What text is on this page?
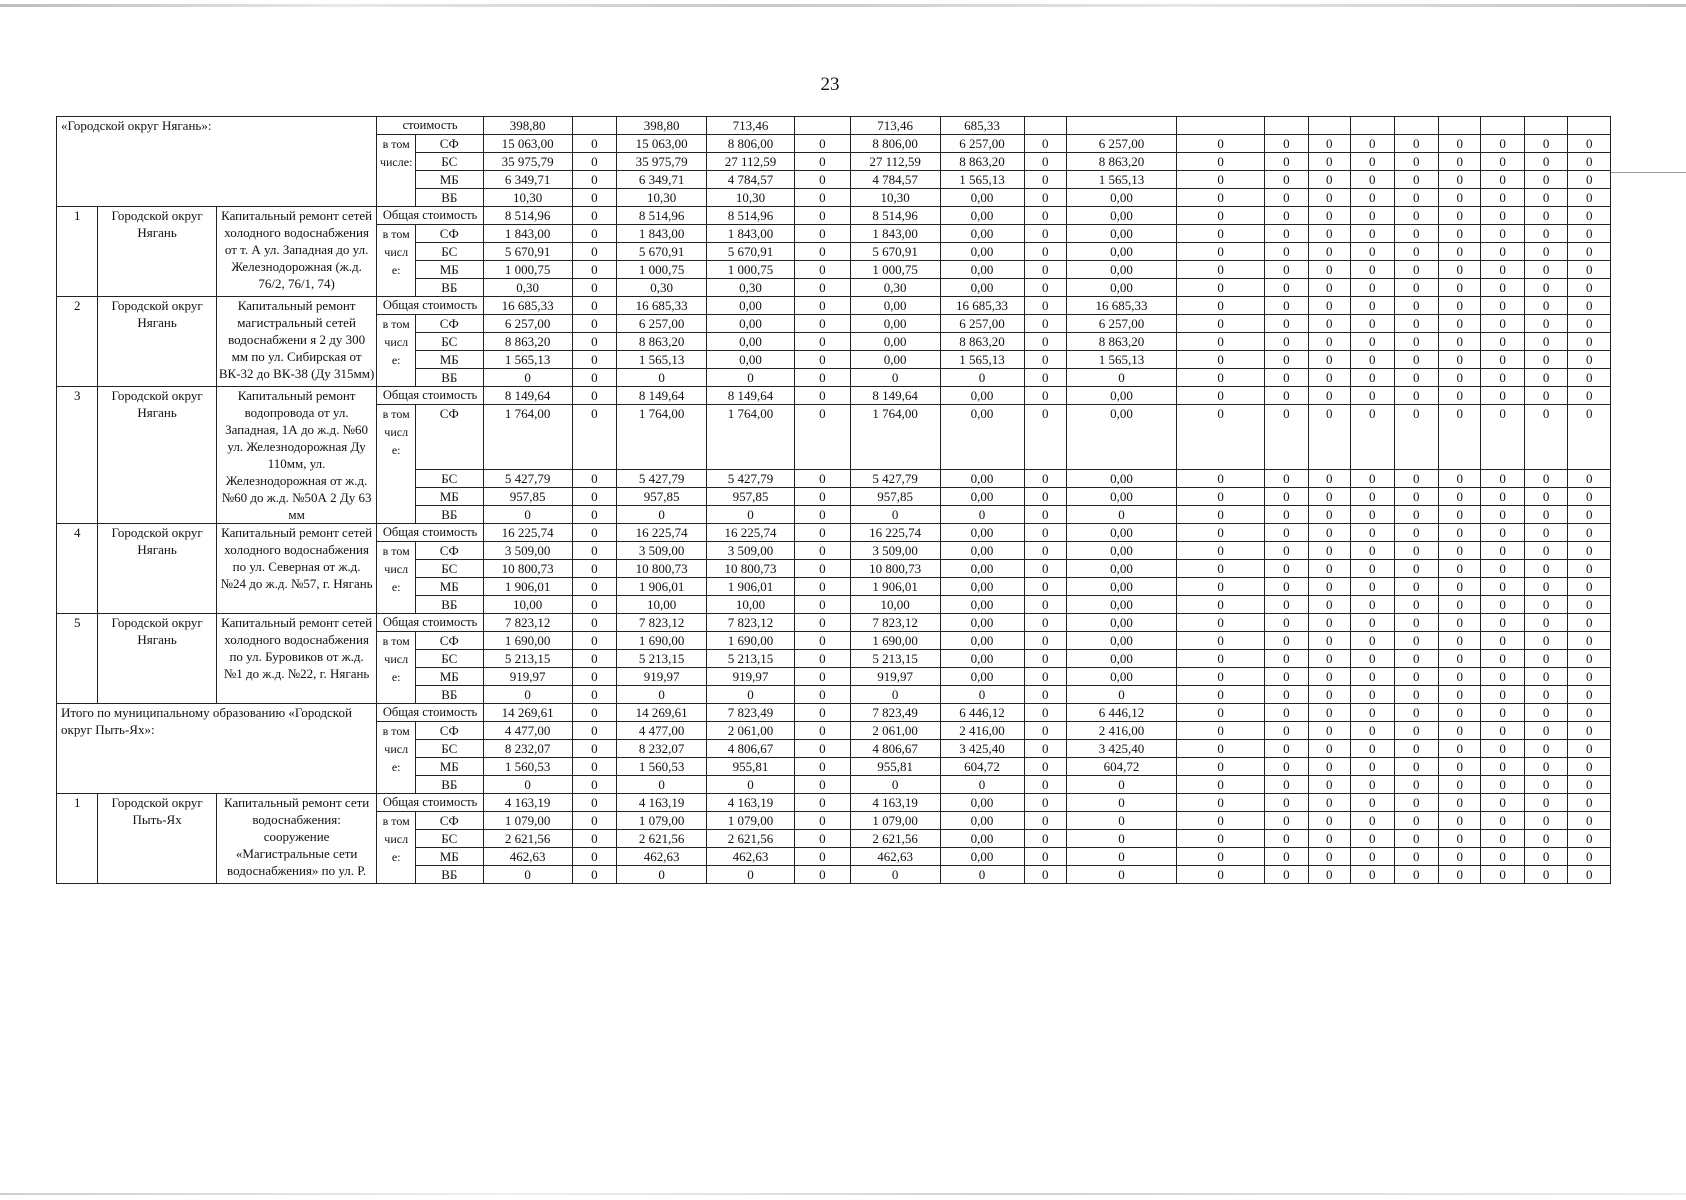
23
«Городской округ Нягань»:			стоимость		398,80		398,80	713,46		713,46	685,33											
			в том числе:	СФ	15 063,00	0	15 063,00	8 806,00	0	8 806,00	6 257,00	0	6 257,00	0	0	0	0	0	0	0	0	0
				БС	35 975,79	0	35 975,79	27 112,59	0	27 112,59	8 863,20	0	8 863,20	0	0	0	0	0	0	0	0	0
				МБ	6 349,71	0	6 349,71	4 784,57	0	4 784,57	1 565,13	0	1 565,13	0	0	0	0	0	0	0	0	0
				ВБ	10,30	0	10,30	10,30	0	10,30	0,00	0	0,00	0	0	0	0	0	0	0	0	0
1	Городской округ Нягань	Капитальный ремонт сетей холодного водоснабжения от т. А ул. Западная до ул. Железнодорожная (ж.д. 76/2, 76/1, 74)	Общая стоимость		8 514,96	0	8 514,96	8 514,96	0	8 514,96	0,00	0	0,00	0	0	0	0	0	0	0	0	0
			в том числ е:	СФ	1 843,00	0	1 843,00	1 843,00	0	1 843,00	0,00	0	0,00	0	0	0	0	0	0	0	0	0
				БС	5 670,91	0	5 670,91	5 670,91	0	5 670,91	0,00	0	0,00	0	0	0	0	0	0	0	0	0
				МБ	1 000,75	0	1 000,75	1 000,75	0	1 000,75	0,00	0	0,00	0	0	0	0	0	0	0	0	0
				ВБ	0,30	0	0,30	0,30	0	0,30	0,00	0	0,00	0	0	0	0	0	0	0	0	0
2	Городской округ Нягань	Капитальный ремонт магистральный сетей водоснабжени я 2 ду 300 мм по ул. Сибирская от ВК-32 до ВК-38 (Ду 315мм)	Общая стоимость		16 685,33	0	16 685,33	0,00	0	0,00	16 685,33	0	16 685,33	0	0	0	0	0	0	0	0	0
			в том числ е:	СФ	6 257,00	0	6 257,00	0,00	0	0,00	6 257,00	0	6 257,00	0	0	0	0	0	0	0	0	0
				БС	8 863,20	0	8 863,20	0,00	0	0,00	8 863,20	0	8 863,20	0	0	0	0	0	0	0	0	0
				МБ	1 565,13	0	1 565,13	0,00	0	0,00	1 565,13	0	1 565,13	0	0	0	0	0	0	0	0	0
				ВБ	0	0	0	0	0	0	0	0	0	0	0	0	0	0	0	0	0	0
3	Городской округ Нягань	Капитальный ремонт водопровода от ул. Западная, 1А до ж.д. №60 ул. Железнодорожная Ду 110мм, ул. Железнодорожная от ж.д. №60 до ж.д. №50А 2 Ду 63 мм	Общая стоимость		8 149,64	0	8 149,64	8 149,64	0	8 149,64	0,00	0	0,00	0	0	0	0	0	0	0	0	0
			в том числ е:	СФ	1 764,00	0	1 764,00	1 764,00	0	1 764,00	0,00	0	0,00	0	0	0	0	0	0	0	0	0
				БС	5 427,79	0	5 427,79	5 427,79	0	5 427,79	0,00	0	0,00	0	0	0	0	0	0	0	0	0
				МБ	957,85	0	957,85	957,85	0	957,85	0,00	0	0,00	0	0	0	0	0	0	0	0	0
				ВБ	0	0	0	0	0	0	0	0	0	0	0	0	0	0	0	0	0	0
4	Городской округ Нягань	Капитальный ремонт сетей холодного водоснабжения по ул. Северная от ж.д. №24 до ж.д. №57, г. Нягань	Общая стоимость		16 225,74	0	16 225,74	16 225,74	0	16 225,74	0,00	0	0,00	0	0	0	0	0	0	0	0	0
			в том числ е:	СФ	3 509,00	0	3 509,00	3 509,00	0	3 509,00	0,00	0	0,00	0	0	0	0	0	0	0	0	0
				БС	10 800,73	0	10 800,73	10 800,73	0	10 800,73	0,00	0	0,00	0	0	0	0	0	0	0	0	0
				МБ	1 906,01	0	1 906,01	1 906,01	0	1 906,01	0,00	0	0,00	0	0	0	0	0	0	0	0	0
				ВБ	10,00	0	10,00	10,00	0	10,00	0,00	0	0,00	0	0	0	0	0	0	0	0	0
5	Городской округ Нягань	Капитальный ремонт сетей холодного водоснабжения по ул. Буровиков от ж.д. №1 до ж.д. №22, г. Нягань	Общая стоимость		7 823,12	0	7 823,12	7 823,12	0	7 823,12	0,00	0	0,00	0	0	0	0	0	0	0	0	0
			в том числ е:	СФ	1 690,00	0	1 690,00	1 690,00	0	1 690,00	0,00	0	0,00	0	0	0	0	0	0	0	0	0
				БС	5 213,15	0	5 213,15	5 213,15	0	5 213,15	0,00	0	0,00	0	0	0	0	0	0	0	0	0
				МБ	919,97	0	919,97	919,97	0	919,97	0,00	0	0,00	0	0	0	0	0	0	0	0	0
				ВБ	0	0	0	0	0	0	0	0	0	0	0	0	0	0	0	0	0	0
Итого по муниципальному образованию «Городской округ Пыть-Ях»:			Общая стоимость		14 269,61	0	14 269,61	7 823,49	0	7 823,49	6 446,12	0	6 446,12	0	0	0	0	0	0	0	0	0
			в том числ е:	СФ	4 477,00	0	4 477,00	2 061,00	0	2 061,00	2 416,00	0	2 416,00	0	0	0	0	0	0	0	0	0
				БС	8 232,07	0	8 232,07	4 806,67	0	4 806,67	3 425,40	0	3 425,40	0	0	0	0	0	0	0	0	0
				МБ	1 560,53	0	1 560,53	955,81	0	955,81	604,72	0	604,72	0	0	0	0	0	0	0	0	0
				ВБ	0	0	0	0	0	0	0	0	0	0	0	0	0	0	0	0	0	0
1	Городской округ Пыть-Ях	Капитальный ремонт сети водоснабжения: сооружение «Магистральные сети водоснабжения» по ул. Р.	Общая стоимость		4 163,19	0	4 163,19	4 163,19	0	4 163,19	0,00	0	0	0	0	0	0	0	0	0	0	0
			в том числ е:	СФ	1 079,00	0	1 079,00	1 079,00	0	1 079,00	0,00	0	0	0	0	0	0	0	0	0	0	0
				БС	2 621,56	0	2 621,56	2 621,56	0	2 621,56	0,00	0	0	0	0	0	0	0	0	0	0	0
				МБ	462,63	0	462,63	462,63	0	462,63	0,00	0	0	0	0	0	0	0	0	0	0	0
				ВБ	0	0	0	0	0	0	0	0	0	0	0	0	0	0	0	0	0	0
